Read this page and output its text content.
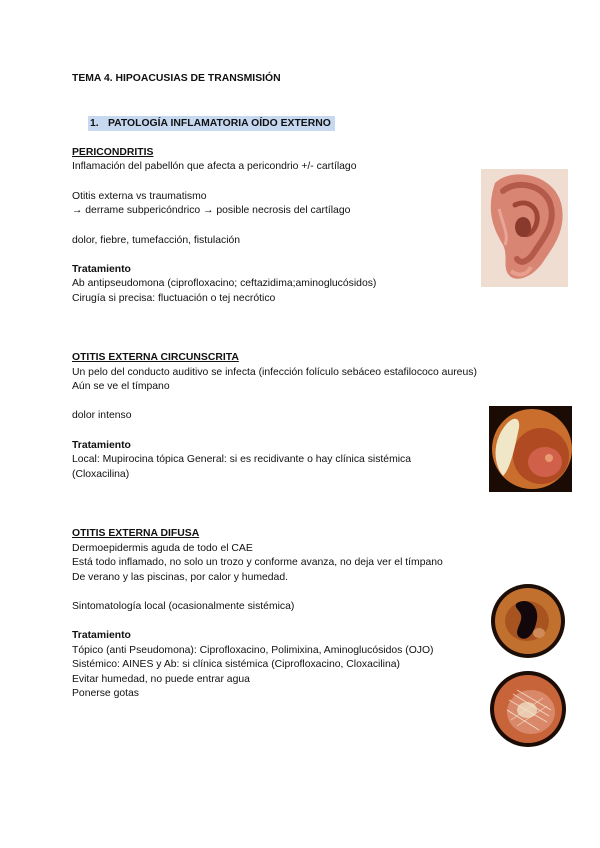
TEMA 4. HIPOACUSIAS DE TRANSMISIÓN
1. PATOLOGÍA INFLAMATORIA OÍDO EXTERNO
PERICONDRITIS
Inflamación del pabellón que afecta a pericondrio +/- cartílago
Otitis externa vs traumatismo
→ derrame subpericóndrico → posible necrosis del cartílago
dolor, fiebre, tumefacción, fistulación
Tratamiento
Ab antipseudomona (ciprofloxacino; ceftazidima;aminoglucósidos)
Cirugía si precisa: fluctuación o tej necrótico
OTITIS EXTERNA CIRCUNSCRITA
Un pelo del conducto auditivo se infecta (infección folículo sebáceo estafilococo aureus)
Aún se ve el tímpano
dolor intenso
Tratamiento
Local: Mupirocina tópica General: si es recidivante o hay clínica sistémica
(Cloxacilina)
OTITIS EXTERNA DIFUSA
Dermoepidermis aguda de todo el CAE
Está todo inflamado, no solo un trozo y conforme avanza, no deja ver el tímpano
De verano y las piscinas, por calor y humedad.
Sintomatología local (ocasionalmente sistémica)
Tratamiento
Tópico (anti Pseudomona): Ciprofloxacino, Polimixina, Aminoglucósidos (OJO)
Sistémico: AINES y Ab: si clínica sistémica (Ciprofloxacino, Cloxacilina)
Evitar humedad, no puede entrar agua
Ponerse gotas
